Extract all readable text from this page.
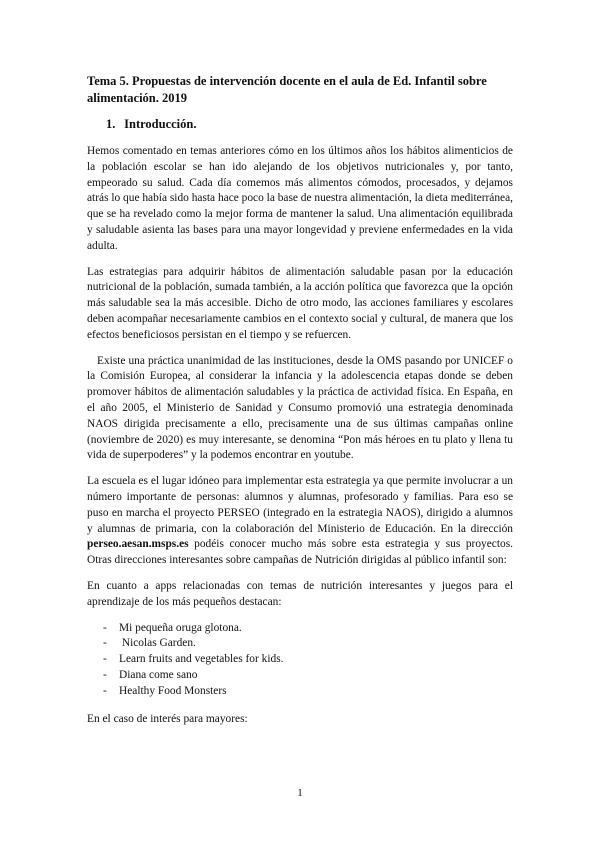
Tema 5. Propuestas de intervención docente en el aula de Ed. Infantil sobre alimentación. 2019
1. Introducción.

Hemos comentado en temas anteriores cómo en los últimos años los hábitos alimenticios de la población escolar se han ido alejando de los objetivos nutricionales y, por tanto, empeorado su salud. Cada día comemos más alimentos cómodos, procesados, y dejamos atrás lo que había sido hasta hace poco la base de nuestra alimentación, la dieta mediterránea, que se ha revelado como la mejor forma de mantener la salud. Una alimentación equilibrada y saludable asienta las bases para una mayor longevidad y previene enfermedades en la vida adulta.

Las estrategias para adquirir hábitos de alimentación saludable pasan por la educación nutricional de la población, sumada también, a la acción política que favorezca que la opción más saludable sea la más accesible. Dicho de otro modo, las acciones familiares y escolares deben acompañar necesariamente cambios en el contexto social y cultural, de manera que los efectos beneficiosos persistan en el tiempo y se refuercen.

Existe una práctica unanimidad de las instituciones, desde la OMS pasando por UNICEF o la Comisión Europea, al considerar la infancia y la adolescencia etapas donde se deben promover hábitos de alimentación saludables y la práctica de actividad física. En España, en el año 2005, el Ministerio de Sanidad y Consumo promovió una estrategia denominada NAOS dirigida precisamente a ello, precisamente una de sus últimas campañas online (noviembre de 2020) es muy interesante, se denomina “Pon más héroes en tu plato y llena tu vida de superpoderes” y la podemos encontrar en youtube.

La escuela es el lugar idóneo para implementar esta estrategia ya que permite involucrar a un número importante de personas: alumnos y alumnas, profesorado y familias. Para eso se puso en marcha el proyecto PERSEO (integrado en la estrategia NAOS), dirigido a alumnos y alumnas de primaria, con la colaboración del Ministerio de Educación. En la dirección perseo.aesan.msps.es podéis conocer mucho más sobre esta estrategia y sus proyectos. Otras direcciones interesantes sobre campañas de Nutrición dirigidas al público infantil son:

En cuanto a apps relacionadas con temas de nutrición interesantes y juegos para el aprendizaje de los más pequeños destacan:

- Mi pequeña oruga glotona.
- Nicolas Garden.
- Learn fruits and vegetables for kids.
- Diana come sano
- Healthy Food Monsters

En el caso de interés para mayores:

1
